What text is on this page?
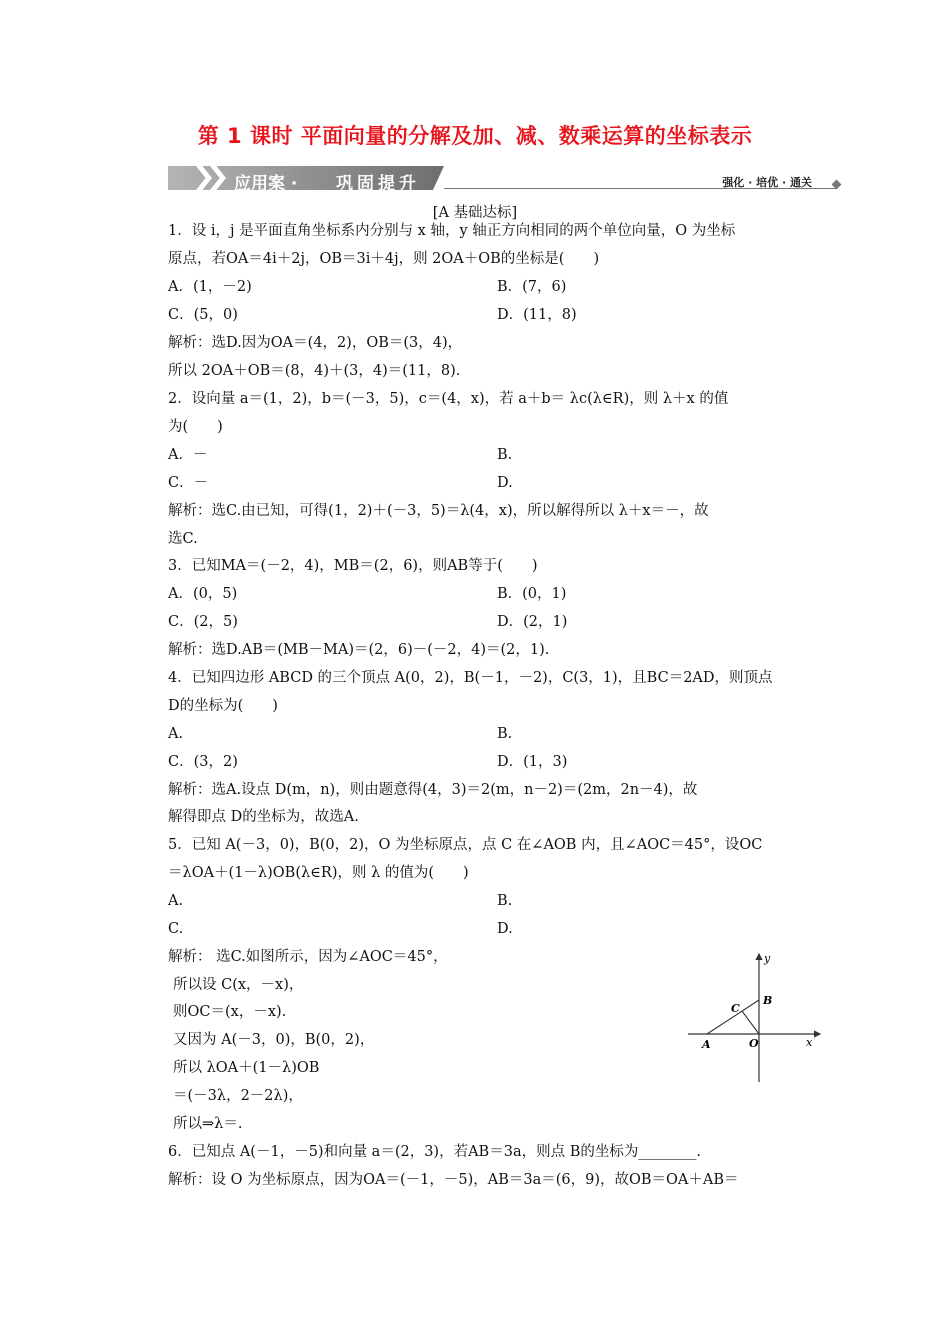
第 1 课时 平面向量的分解及加、减、数乘运算的坐标表示
应用案 · 巩固提升	强化 · 培优 · 通关
[A 基础达标]
1．设 i，j 是平面直角坐标系内分别与 x 轴，y 轴正方向相同的两个单位向量，O 为坐标
原点，若OA＝4i＋2j，OB＝3i＋4j，则 2OA＋OB的坐标是(　　)
A．(1，－2)	B．(7，6)
C．(5，0)	D．(11，8)
解析：选D.因为OA＝(4，2)，OB＝(3，4)，
所以 2OA＋OB＝(8，4)＋(3，4)＝(11，8).
2．设向量 a＝(1，2)，b＝(－3，5)，c＝(4，x)，若 a＋b＝ λc(λ∈R)，则 λ＋x 的值
为(　　)
A．－	B.
C．－	D.
解析：选C.由已知，可得(1，2)＋(－3，5)＝λ(4，x)，所以解得所以 λ＋x＝－，故
选C.
3．已知MA＝(－2，4)，MB＝(2，6)，则AB等于(　　)
A．(0，5)	B．(0，1)
C．(2，5)	D．(2，1)
解析：选D.AB＝(MB－MA)＝(2，6)－(－2，4)＝(2，1).
4．已知四边形 ABCD 的三个顶点 A(0，2)，B(－1，－2)，C(3，1)，且BC＝2AD，则顶点
D的坐标为(　　)
A.	B.
C．(3，2)	D．(1，3)
解析：选A.设点 D(m，n)，则由题意得(4，3)＝2(m，n－2)＝(2m，2n－4)，故
解得即点 D的坐标为，故选A.
5．已知 A(－3，0)，B(0，2)，O 为坐标原点，点 C 在∠AOB 内，且∠AOC＝45°，设OC
＝λOA＋(1－λ)OB(λ∈R)，则 λ 的值为(　　)
A.	B.
C.	D.
解析： 选C.如图所示，因为∠AOC＝45°，
所以设 C(x，－x)，
则OC＝(x，－x).
又因为 A(－3，0)，B(0，2)，
所以 λOA＋(1－λ)OB
＝(－3λ，2－2λ)，
所以⇒λ＝.
6．已知点 A(－1，－5)和向量 a＝(2，3)，若AB＝3a，则点 B的坐标为________.
解析：设 O 为坐标原点，因为OA＝(－1，－5)，AB＝3a＝(6，9)，故OB＝OA＋AB＝
y
x
A	O
B
C
